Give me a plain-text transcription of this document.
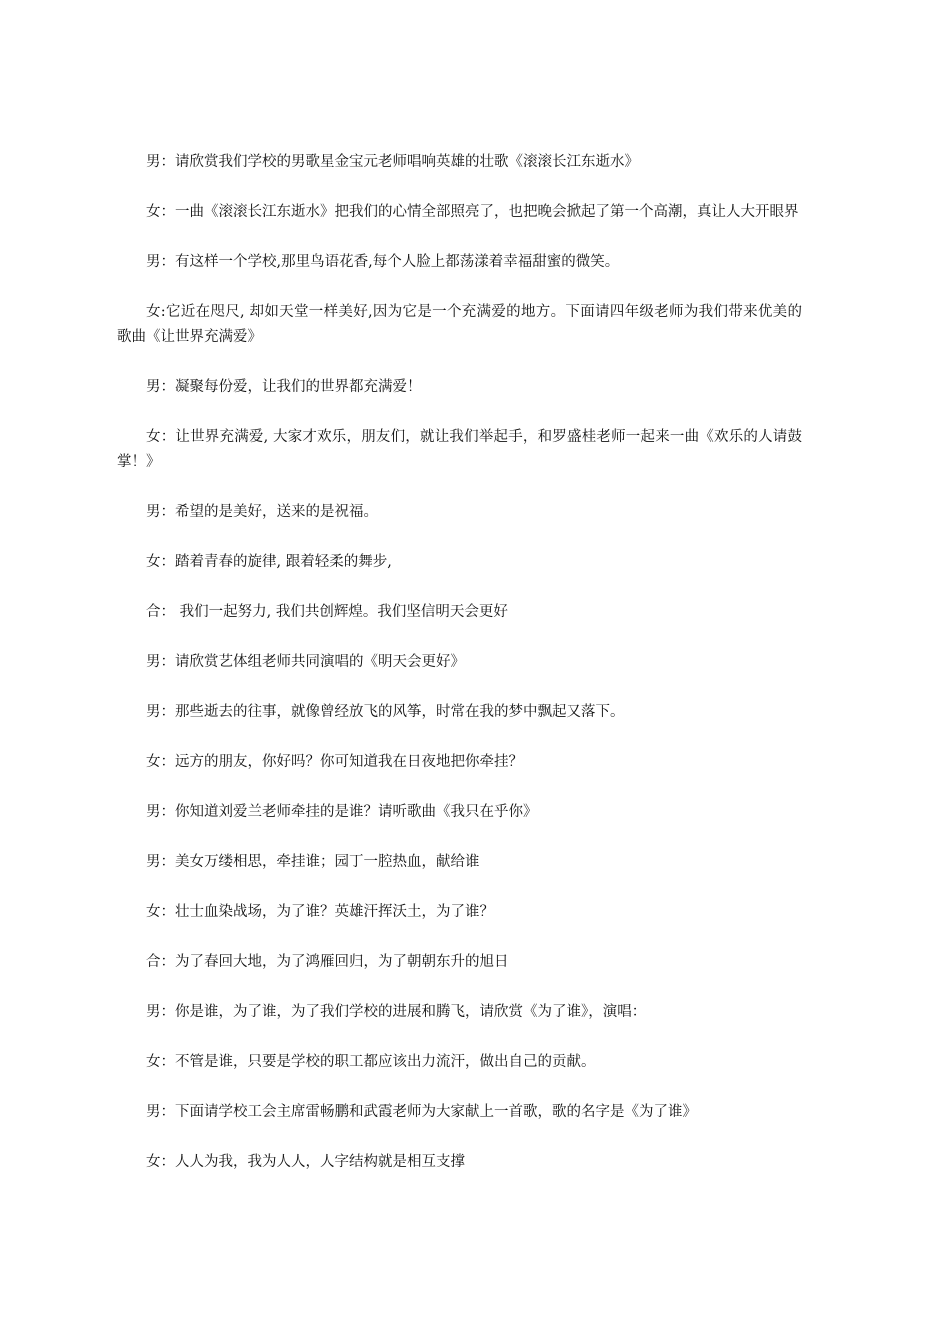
男：请欣赏我们学校的男歌星金宝元老师唱响英雄的壮歌《滚滚长江东逝水》

女：一曲《滚滚长江东逝水》把我们的心情全部照亮了，也把晚会掀起了第一个高潮，真让人大开眼界

男：有这样一个学校,那里鸟语花香,每个人脸上都荡漾着幸福甜蜜的微笑。

女:它近在咫尺, 却如天堂一样美好,因为它是一个充满爱的地方。下面请四年级老师为我们带来优美的歌曲《让世界充满爱》

男：凝聚每份爱，让我们的世界都充满爱！

女：让世界充满爱, 大家才欢乐，朋友们，就让我们举起手，和罗盛桂老师一起来一曲《欢乐的人请鼓掌！》

男：希望的是美好，送来的是祝福。

女：踏着青春的旋律, 跟着轻柔的舞步,

合： 我们一起努力, 我们共创辉煌。我们坚信明天会更好

男：请欣赏艺体组老师共同演唱的《明天会更好》

男：那些逝去的往事，就像曾经放飞的风筝，时常在我的梦中飘起又落下。

女：远方的朋友，你好吗？你可知道我在日夜地把你牵挂？

男：你知道刘爱兰老师牵挂的是谁？请听歌曲《我只在乎你》

男：美女万缕相思，牵挂谁；园丁一腔热血，献给谁

女：壮士血染战场，为了谁？英雄汗挥沃土，为了谁？

合：为了春回大地，为了鸿雁回归，为了朝朝东升的旭日

男：你是谁，为了谁，为了我们学校的进展和腾飞，请欣赏《为了谁》，演唱：

女：不管是谁，只要是学校的职工都应该出力流汗，做出自己的贡献。

男：下面请学校工会主席雷畅鹏和武霞老师为大家献上一首歌，歌的名字是《为了谁》

女：人人为我，我为人人，人字结构就是相互支撑
